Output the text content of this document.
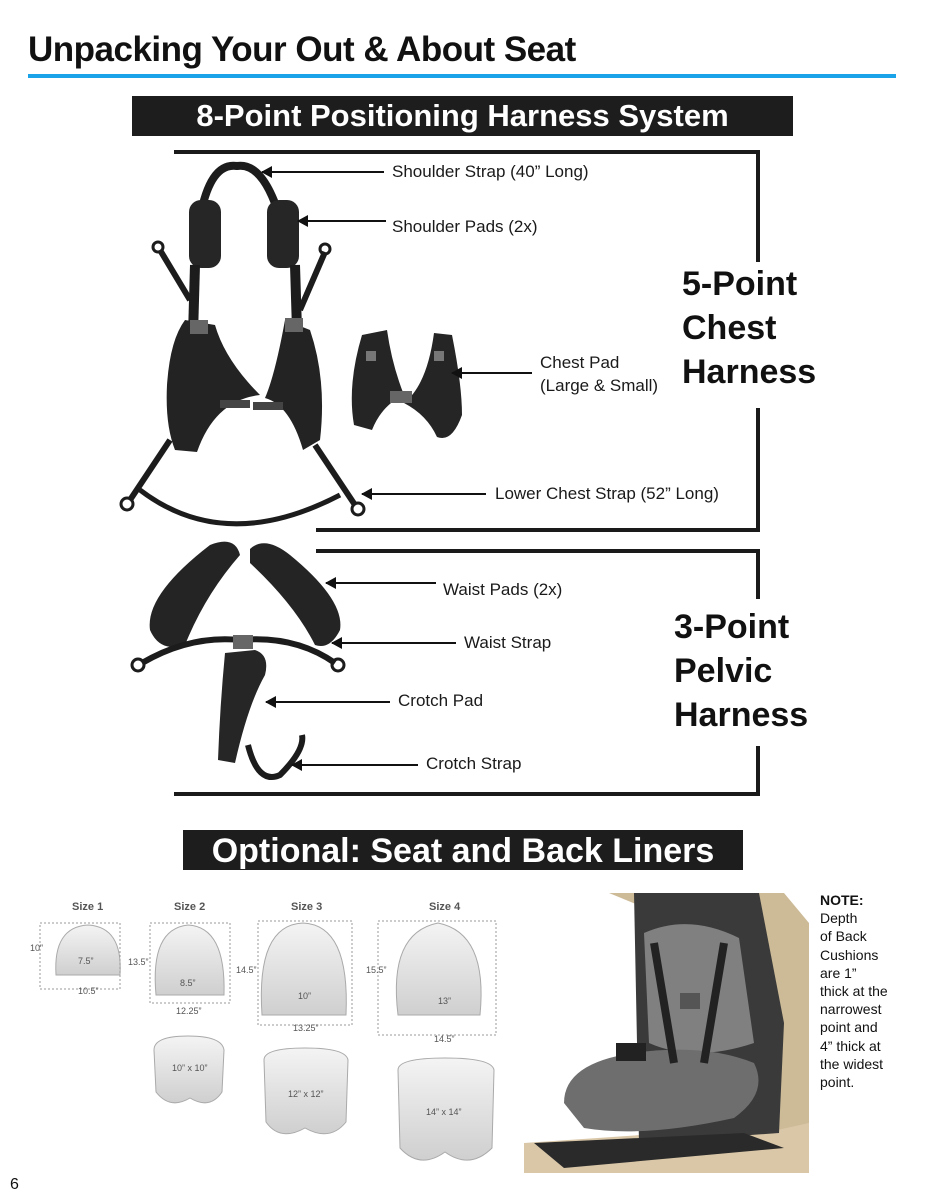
Unpacking Your Out & About Seat
8-Point Positioning Harness System
5-Point
Chest
Harness
3-Point
Pelvic
Harness
Shoulder Strap (40” Long)
Shoulder Pads (2x)
Chest Pad
(Large & Small)
Lower Chest Strap (52” Long)
Waist Pads (2x)
Waist Strap
Crotch Pad
Crotch Strap
Optional: Seat and Back Liners
Size 1	Size 2	Size 3	Size 4
10”
7.5”
10.5”
13.5”
8.5”
12.25”
14.5”
10”
13.25”
15.5”
13”
14.5”
10” x 10”
12” x 12”
14” x 14”
NOTE:
Depth
of Back
Cushions
are 1”
thick at the
narrowest
point and
4” thick at
the widest
point.
6
